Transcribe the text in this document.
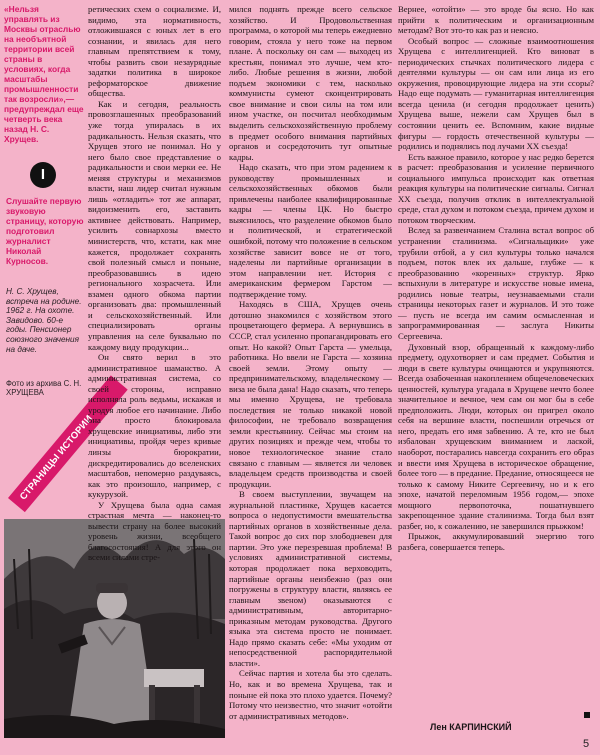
«Нельзя управлять из Москвы отраслью на необъятной территории всей страны в условиях, когда масштабы промышленности так возросли»,— предупреждал еще четверть века назад Н. С. Хрущев.
I
Слушайте первую звуковую страницу, которую подготовил журналист Николай Курносов.
Н. С. Хрущев, встреча на родине. 1962 г. На охоте. Завидово. 60-е годы. Пенсионер союзного значения на даче.
Фото из архива С. Н. ХРУЩЕВА
СТРАНИЦЫ ИСТОРИИ

ретических схем о социализме. И, видимо, эта нормативность, отложившаяся с юных лет в его сознании, и явилась для него главным препятствием к тому, чтобы развить свои незаурядные задатки политика в широкое реформаторское движение общества.

Как и сегодня, реальность провозглашенных преобразований уже тогда упиралась в их радикальность. Нельзя сказать, что Хрущев этого не понимал. Но у него было свое представление о радикальности и свои мерки ее. Не меняя структуры и механизмов власти, наш лидер считал нужным лишь «отладить» тот же аппарат, видоизменить его, заставить активнее действовать. Например, усилить совнархозы вместо министерств, что, кстати, как мне кажется, продолжает сохранять свой полезный смысл и поныне, преобразовавшись в идею регионального хозрасчета. Или взамен одного обкома партии организовать два: промышленный и сельскохозяйственный. Или специализировать органы управления на селе буквально по каждому виду продукции...

Он свято верил в это административное шаманство. А административная система, со своей стороны, исправно исполняла роль ведьмы, искажая и уродуя любое его начинание. Либо она просто блокировала хрущевские инициативы, либо эти инициативы, пройдя через кривые линзы бюрократии, дискредитировались до вселенских масштабов, непомерно раздуваясь, как это произошло, например, с кукурузой.

У Хрущева была одна самая страстная мечта — наконец-то вывести страну на более высокий уровень жизни, всеобщего благосостояния! А для этого он всеми силами стре-

мился поднять прежде всего сельское хозяйство. И Продовольственная программа, о которой мы теперь ежедневно говорим, стояла у него тоже на первом плане. А поскольку он сам — выходец из крестьян, понимал это лучше, чем кто-либо. Любые решения в жизни, любой подъем экономики с тем, насколько коммунисты сумеют сконцентрировать свое внимание и свои силы на том или ином участке, он посчитал необходимым выделить сельскохозяйственную проблему в предмет особого внимания партийных органов и сосредоточить тут опытные кадры.

Надо сказать, что при этом радением к руководству промышленных и сельскохозяйственных обкомов были привлечены наиболее квалифицированные кадры — члены ЦК. Но быстро выяснилось, что разделение обкомов было и политической, и стратегической ошибкой, потому что положение в сельском хозяйстве зависит вовсе не от того, наделены ли партийные организации в этом направлении нет. История с американским фермером Гарстом — подтверждение тому.

Находясь в США, Хрущев очень дотошно знакомился с хозяйством этого процветающего фермера. А вернувшись в СССР, стал усиленно пропагандировать его опыт. Но какой? Опыт Гарста — умельца, работника. Но ввели не Гарста — хозяина своей земли. Этому опыту — предпринимательскому, владельческому — виза не была дана! Надо сказать, что теперь мы именно Хрущева, не требовала последствия не только никакой новой философии, не требовало возвращения земли крестьянину. Сейчас мы стоим на других позициях и прежде чем, чтобы то новое технологическое знание стало связано с главным — является ли человек владельцем средств производства и своей продукции.

В своем выступлении, звучащем на журнальной пластинке, Хрущев касается вопроса о недопустимости вмешательства партийных органов в хозяйственные дела. Такой вопрос до сих пор злободневен для партии. Это уже перезревшая проблема! В условиях административной системы, которая продолжает пока верховодить, партийные органы неизбежно (раз они погружены в структуру власти, являясь ее главным звеном) оказываются с административным, авторитарно-приказным методам руководства. Другого языка эта система просто не понимает. Надо прямо сказать себе: «Мы уходим от непосредственной распорядительной власти».

Сейчас партия и хотела бы это сделать. Но, как и во времена Хрущева, так и поныне ей пока это плохо удается. Почему? Потому что неизвестно, что значит «отойти от административных методов».

Вернее, «отойти» — это вроде бы ясно. Но как прийти к политическим и организационным методам? Вот это-то как раз и неясно.

Особый вопрос — сложные взаимоотношения Хрущева с интеллигенцией. Кто виноват в периодических стычках политического лидера с деятелями культуры — он сам или лица из его окружения, провоцирующие лидера на эти ссоры? Надо еще подумать — гуманитарная интеллигенция всегда ценила (и сегодня продолжает ценить) Хрущева выше, нежели сам Хрущев был в состоянии ценить ее. Вспомним, какие видные фигуры — гордость отечественной культуры — родились и поднялись под лучами ХХ съезда!

Есть важное правило, которое у нас редко берется в расчет: преобразования и усиление первичного социального импульса происходит как ответная реакция культуры на политические сигналы. Сигнал ХХ съезда, получив отклик в интеллектуальной среде, стал духом и потоком съезда, причем духом и потоком творческим.

Вслед за развенчанием Сталина встал вопрос об устранении сталинизма. «Сигнальщики» уже трубили отбой, а у сил культуры только началcя подъем, поток влек их дальше, глубже — к преобразованию «коренных» структур. Ярко вспыхнули в литературе и искусстве новые имена, родились новые театры, неузнаваемыми стали страницы некоторых газет и журналов. И это тоже — пусть не всегда им самим осмысленная и запрограммированная — заслуга Никиты Сергеевича.

Духовный взор, обращенный к каждому-либо предмету, одухотворяет и сам предмет. События и люди в свете культуры очищаются и укрупняются. Всегда озабоченная накоплением общечеловеческих ценностей, культура угадала в Хрущеве нечто более значительное и вечное, чем сам он мог бы в себе предположить. Люди, которых он пригрел около себя на вершине власти, поспешили отречься от него, предать его имя забвению. А те, кто не был избалован хрущевским вниманием и лаской, наоборот, постарались навсегда сохранить его образ и ввести имя Хрущева в историческое обращение, более того — в предание. Предание, относящееся не только к самому Никите Сергеевичу, но и к его эпохе, начатой переломным 1956 годом,— эпохе мощного первопоточка, пошатнувшего закрепощенное здание сталинизма. Тогда был взят разбег, но, к сожалению, не завершился прыжком!

Прыжок, аккумулировавший энергию того разбега, совершается теперь.

Лен КАРПИНСКИЙ
5
